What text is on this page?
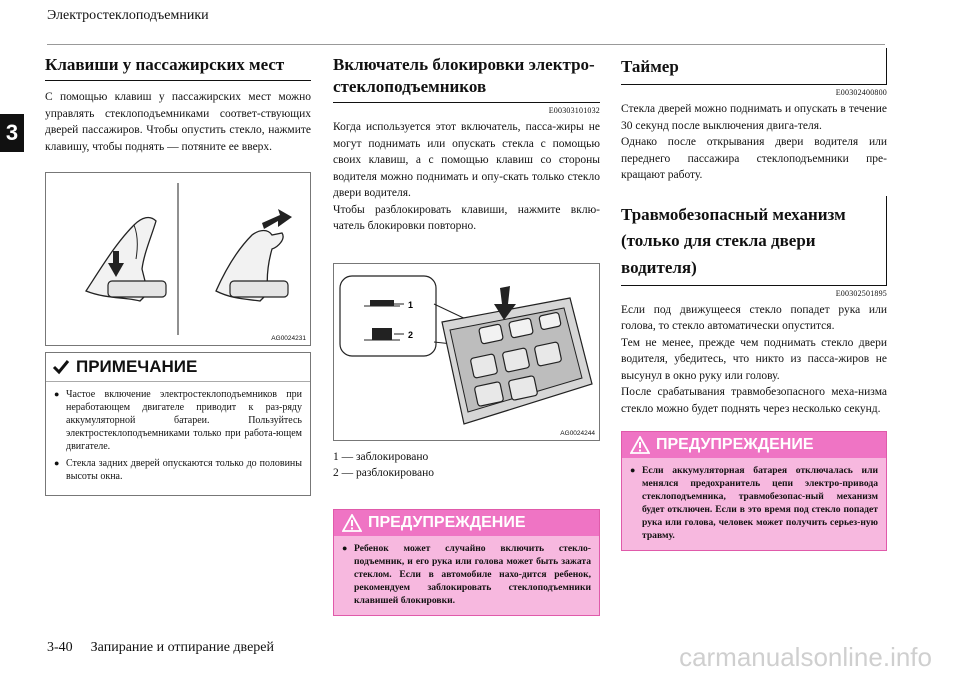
Электростеклоподъемники
3
Клавиши у пассажирских мест

С помощью клавиш у пассажирских мест можно управлять стеклоподъемниками соответ-ствующих дверей пассажиров. Чтобы опустить стекло, нажмите клавишу, чтобы поднять — потяните ее вверх.

AG0024231
ПРИМЕЧАНИЕ
● Частое включение электростеклоподъемников при неработающем двигателе приводит к раз-ряду аккумуляторной батареи. Пользуйтесь электростеклоподъемниками только при работа-ющем двигателе.
● Стекла задних дверей опускаются только до половины высоты окна.
Включатель блокировки электро-стеклоподъемников
E00303101032

Когда используется этот включатель, пасса-жиры не могут поднимать или опускать стекла с помощью своих клавиш, а с помощью клавиш со стороны водителя можно поднимать и опу-скать только стекло двери водителя.

Чтобы разблокировать клавиши, нажмите вклю-чатель блокировки повторно.

1
2
AG0024244
1 — заблокировано
2 — разблокировано
ПРЕДУПРЕЖДЕНИЕ
● Ребенок может случайно включить стекло-подъемник, и его рука или голова может быть зажата стеклом. Если в автомобиле нахо-дится ребенок, рекомендуем заблокировать стеклоподъемники клавишей блокировки.
Таймер
E00302400800

Стекла дверей можно поднимать и опускать в течение 30 секунд после выключения двига-теля.

Однако после открывания двери водителя или переднего пассажира стеклоподъемники пре-кращают работу.

Травмобезопасный механизм (только для стекла двери водителя)
E00302501895

Если под движущееся стекло попадет рука или голова, то стекло автоматически опустится.

Тем не менее, прежде чем поднимать стекло двери водителя, убедитесь, что никто из пасса-жиров не высунул в окно руку или голову.

После срабатывания травмобезопасного меха-низма стекло можно будет поднять через несколько секунд.

ПРЕДУПРЕЖДЕНИЕ
● Если аккумуляторная батарея отключалась или менялся предохранитель цепи электро-привода стеклоподъемника, травмобезопас-ный механизм будет отключен. Если в это время под стекло попадет рука или голова, человек может получить серьез-ную травму.
3-40 Запирание и отпирание дверей	carmanualsonline.info
